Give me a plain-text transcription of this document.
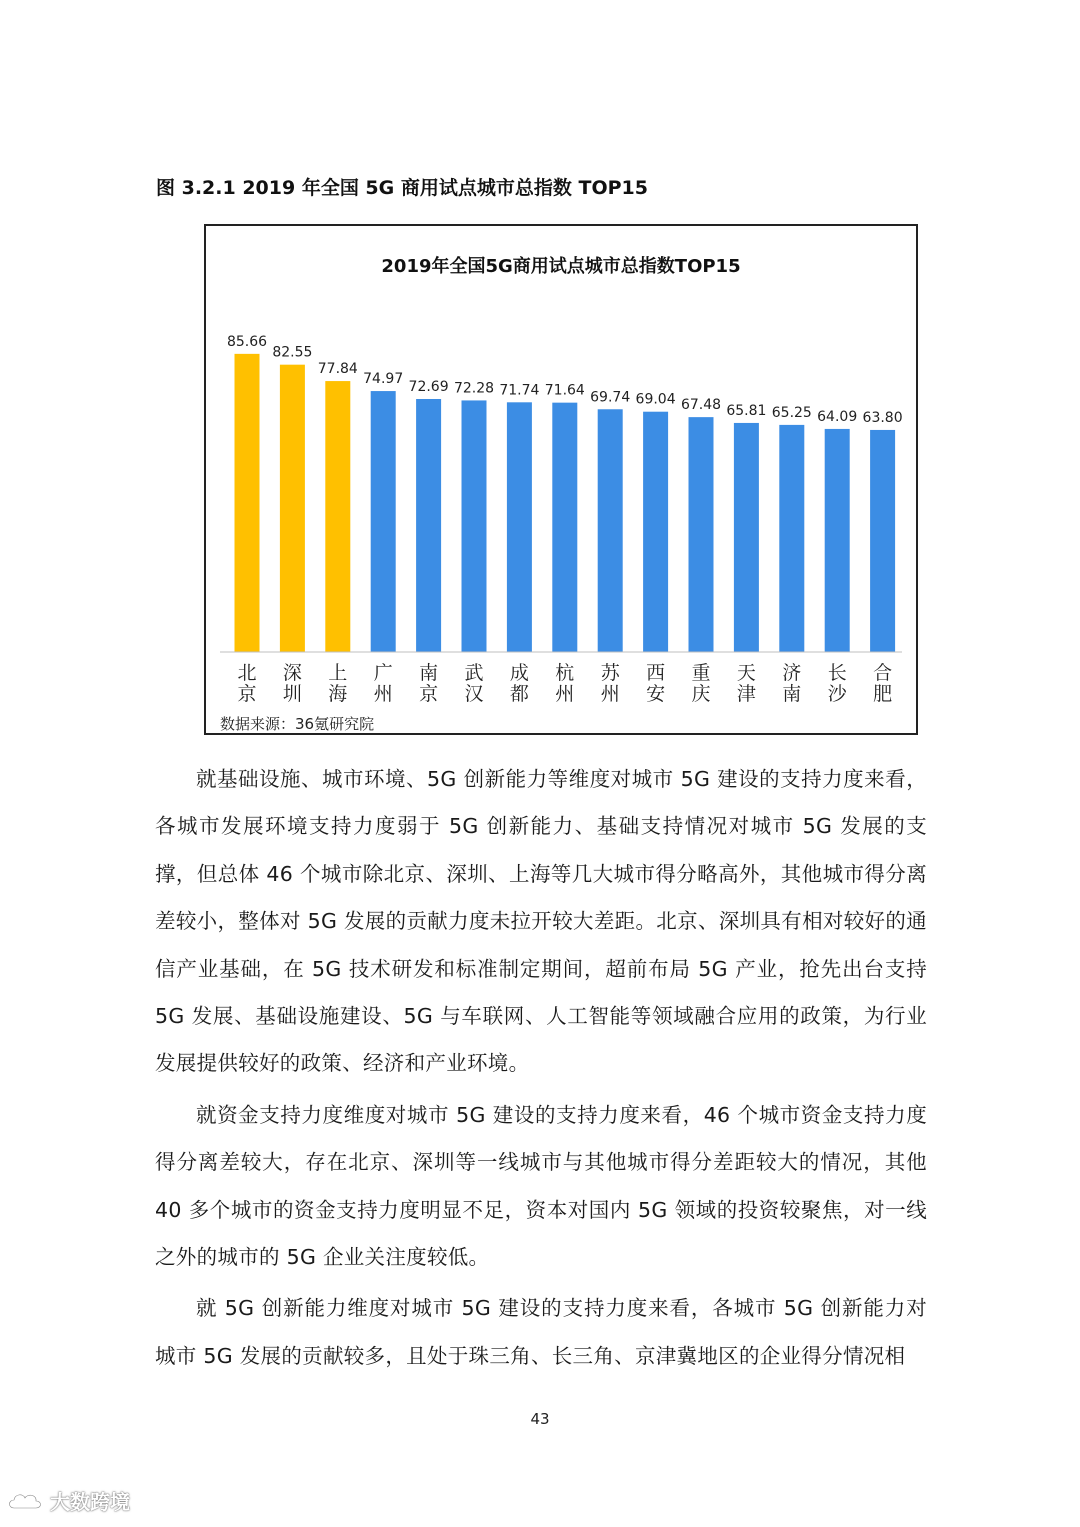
图 3.2.1 2019 年全国 5G 商用试点城市总指数 TOP15
2019年全国5G商用试点城市总指数TOP15
85.66
北京
82.55
深圳
77.84
上海
74.97
广州
72.69
南京
72.28
武汉
71.74
成都
71.64
杭州
69.74
苏州
69.04
西安
67.48
重庆
65.81
天津
65.25
济南
64.09
长沙
63.80
合肥
数据来源：36氪研究院

就基础设施、城市环境、5G 创新能力等维度对城市 5G 建设的支持力度来看，各城市发展环境支持力度弱于 5G 创新能力、基础支持情况对城市 5G 发展的支撑，但总体 46 个城市除北京、深圳、上海等几大城市得分略高外，其他城市得分离差较小，整体对 5G 发展的贡献力度未拉开较大差距。北京、深圳具有相对较好的通信产业基础，在 5G 技术研发和标准制定期间，超前布局 5G 产业，抢先出台支持 5G 发展、基础设施建设、5G 与车联网、人工智能等领域融合应用的政策，为行业发展提供较好的政策、经济和产业环境。

就资金支持力度维度对城市 5G 建设的支持力度来看，46 个城市资金支持力度得分离差较大，存在北京、深圳等一线城市与其他城市得分差距较大的情况，其他 40 多个城市的资金支持力度明显不足，资本对国内 5G 领域的投资较聚焦，对一线之外的城市的 5G 企业关注度较低。

就 5G 创新能力维度对城市 5G 建设的支持力度来看，各城市 5G 创新能力对城市 5G 发展的贡献较多，且处于珠三角、长三角、京津冀地区的企业得分情况相

43
大数跨境
